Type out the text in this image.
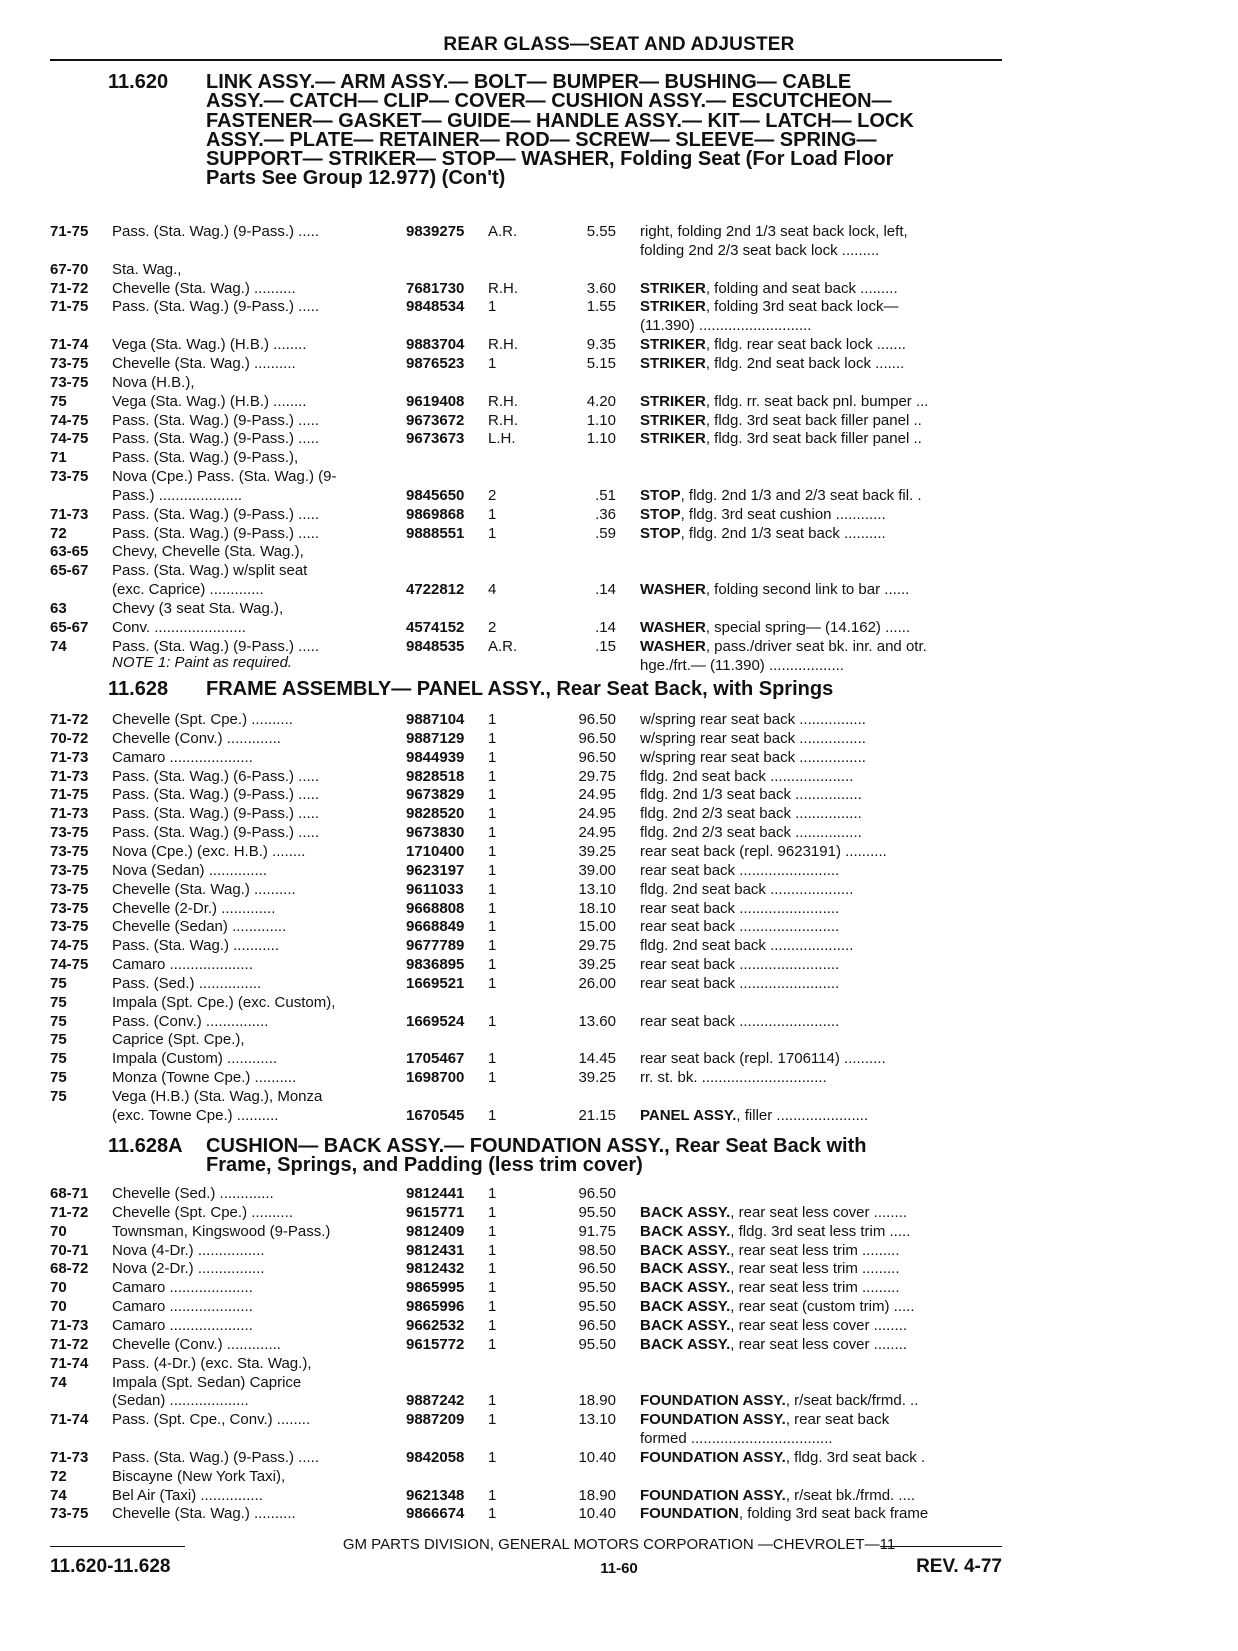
REAR GLASS—SEAT AND ADJUSTER
11.620 LINK ASSY.— ARM ASSY.— BOLT— BUMPER— BUSHING— CABLE
ASSY.— CATCH— CLIP— COVER— CUSHION ASSY.— ESCUTCHEON—
FASTENER— GASKET— GUIDE— HANDLE ASSY.— KIT— LATCH— LOCK
ASSY.— PLATE— RETAINER— ROD— SCREW— SLEEVE— SPRING—
SUPPORT— STRIKER— STOP— WASHER, Folding Seat (For Load Floor
Parts See Group 12.977) (Con't)
71-75	Pass. (Sta. Wag.) (9-Pass.) .....	9839275	A.R.	5.55 right, folding 2nd 1/3 seat back lock, left,
folding 2nd 2/3 seat back lock .........
67-70	Sta. Wag.,
71-72	Chevelle (Sta. Wag.) ..........	7681730	R.H.	3.60 STRIKER, folding and seat back .........
71-75	Pass. (Sta. Wag.) (9-Pass.) .....	9848534	1	1.55 STRIKER, folding 3rd seat back lock—
(11.390) ...........................
71-74	Vega (Sta. Wag.) (H.B.) ........	9883704	R.H.	9.35 STRIKER, fldg. rear seat back lock .......
73-75	Chevelle (Sta. Wag.) ..........	9876523	1	5.15 STRIKER, fldg. 2nd seat back lock .......
73-75	Nova (H.B.),
75	Vega (Sta. Wag.) (H.B.) ........	9619408	R.H.	4.20 STRIKER, fldg. rr. seat back pnl. bumper ...
74-75	Pass. (Sta. Wag.) (9-Pass.) .....	9673672	R.H.	1.10 STRIKER, fldg. 3rd seat back filler panel ..
74-75	Pass. (Sta. Wag.) (9-Pass.) .....	9673673	L.H.	1.10 STRIKER, fldg. 3rd seat back filler panel ..
71	Pass. (Sta. Wag.) (9-Pass.),
73-75	Nova (Cpe.) Pass. (Sta. Wag.) (9-
Pass.) ....................	9845650	2	.51 STOP, fldg. 2nd 1/3 and 2/3 seat back fil. .
71-73	Pass. (Sta. Wag.) (9-Pass.) .....	9869868	1	.36 STOP, fldg. 3rd seat cushion ............
72	Pass. (Sta. Wag.) (9-Pass.) .....	9888551	1	.59 STOP, fldg. 2nd 1/3 seat back ..........
63-65	Chevy, Chevelle (Sta. Wag.),
65-67	Pass. (Sta. Wag.) w/split seat
(exc. Caprice) .............	4722812	4	.14 WASHER, folding second link to bar ......
63	Chevy (3 seat Sta. Wag.),
65-67	Conv. ......................	4574152	2	.14 WASHER, special spring— (14.162) ......
74	Pass. (Sta. Wag.) (9-Pass.) .....	9848535	A.R.	.15 WASHER, pass./driver seat bk. inr. and otr.
hge./frt.— (11.390) ..................
NOTE 1: Paint as required.
11.628 FRAME ASSEMBLY— PANEL ASSY., Rear Seat Back, with Springs
71-72	Chevelle (Spt. Cpe.) ..........	9887104	1	96.50 w/spring rear seat back ................
70-72	Chevelle (Conv.) .............	9887129	1	96.50 w/spring rear seat back ................
71-73	Camaro ....................	9844939	1	96.50 w/spring rear seat back ................
71-73	Pass. (Sta. Wag.) (6-Pass.) .....	9828518	1	29.75 fldg. 2nd seat back ....................
71-75	Pass. (Sta. Wag.) (9-Pass.) .....	9673829	1	24.95 fldg. 2nd 1/3 seat back ................
71-73	Pass. (Sta. Wag.) (9-Pass.) .....	9828520	1	24.95 fldg. 2nd 2/3 seat back ................
73-75	Pass. (Sta. Wag.) (9-Pass.) .....	9673830	1	24.95 fldg. 2nd 2/3 seat back ................
73-75	Nova (Cpe.) (exc. H.B.) ........	1710400	1	39.25 rear seat back (repl. 9623191) ..........
73-75	Nova (Sedan) ..............	9623197	1	39.00 rear seat back ........................
73-75	Chevelle (Sta. Wag.) ..........	9611033	1	13.10 fldg. 2nd seat back ....................
73-75	Chevelle (2-Dr.) .............	9668808	1	18.10 rear seat back ........................
73-75	Chevelle (Sedan) .............	9668849	1	15.00 rear seat back ........................
74-75	Pass. (Sta. Wag.) ...........	9677789	1	29.75 fldg. 2nd seat back ....................
74-75	Camaro ....................	9836895	1	39.25 rear seat back ........................
75	Pass. (Sed.) ...............	1669521	1	26.00 rear seat back ........................
75	Impala (Spt. Cpe.) (exc. Custom),
75	Pass. (Conv.) ...............	1669524	1	13.60 rear seat back ........................
75	Caprice (Spt. Cpe.),
75	Impala (Custom) ............	1705467	1	14.45 rear seat back (repl. 1706114) ..........
75	Monza (Towne Cpe.) ..........	1698700	1	39.25 rr. st. bk. ..............................
75	Vega (H.B.) (Sta. Wag.), Monza
(exc. Towne Cpe.) ..........	1670545	1	21.15 PANEL ASSY., filler ......................
11.628A CUSHION— BACK ASSY.— FOUNDATION ASSY., Rear Seat Back with
Frame, Springs, and Padding (less trim cover)
68-71	Chevelle (Sed.) .............	9812441	1	96.50
71-72	Chevelle (Spt. Cpe.) ..........	9615771	1	95.50 BACK ASSY., rear seat less cover ........
70	Townsman, Kingswood (9-Pass.)	9812409	1	91.75 BACK ASSY., fldg. 3rd seat less trim .....
70-71	Nova (4-Dr.) ................	9812431	1	98.50 BACK ASSY., rear seat less trim .........
68-72	Nova (2-Dr.) ................	9812432	1	96.50 BACK ASSY., rear seat less trim .........
70	Camaro ....................	9865995	1	95.50 BACK ASSY., rear seat less trim .........
70	Camaro ....................	9865996	1	95.50 BACK ASSY., rear seat (custom trim) .....
71-73	Camaro ....................	9662532	1	96.50 BACK ASSY., rear seat less cover ........
71-72	Chevelle (Conv.) .............	9615772	1	95.50 BACK ASSY., rear seat less cover ........
71-74	Pass. (4-Dr.) (exc. Sta. Wag.),
74	Impala (Spt. Sedan) Caprice
(Sedan) ...................	9887242	1	18.90 FOUNDATION ASSY., r/seat back/frmd. ..
71-74	Pass. (Spt. Cpe., Conv.) ........	9887209	1	13.10 FOUNDATION ASSY., rear seat back
formed ..................................
71-73	Pass. (Sta. Wag.) (9-Pass.) .....	9842058	1	10.40 FOUNDATION ASSY., fldg. 3rd seat back .
72	Biscayne (New York Taxi),
74	Bel Air (Taxi) ...............	9621348	1	18.90 FOUNDATION ASSY., r/seat bk./frmd. ....
73-75	Chevelle (Sta. Wag.) ..........	9866674	1	10.40 FOUNDATION, folding 3rd seat back frame
GM PARTS DIVISION, GENERAL MOTORS CORPORATION —CHEVROLET—11
11.620-11.628	11-60	REV. 4-77
